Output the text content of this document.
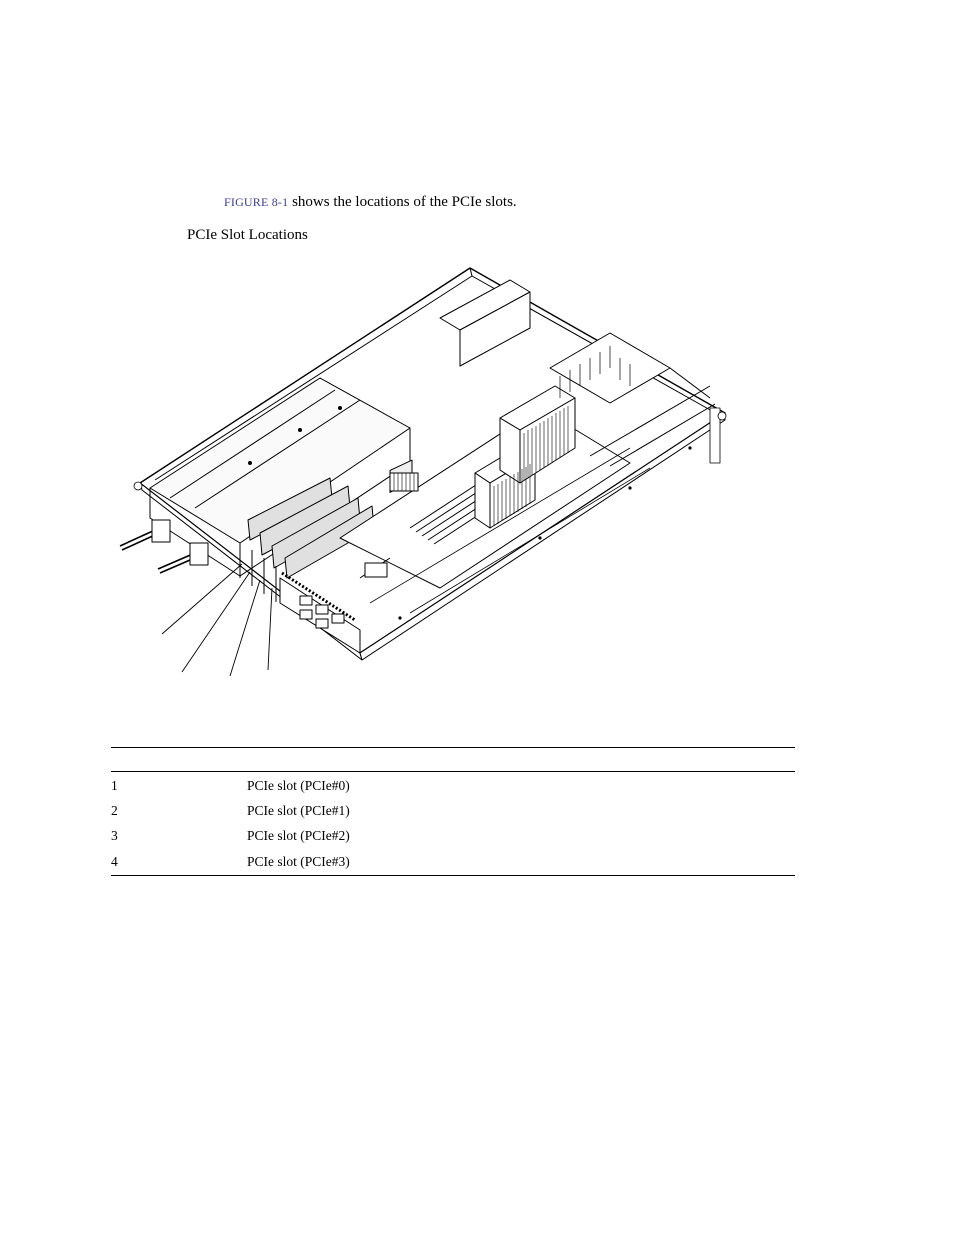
FIGURE 8-1 shows the locations of the PCIe slots.

PCIe Slot Locations
1	PCIe slot (PCIe#0)
2	PCIe slot (PCIe#1)
3	PCIe slot (PCIe#2)
4	PCIe slot (PCIe#3)
